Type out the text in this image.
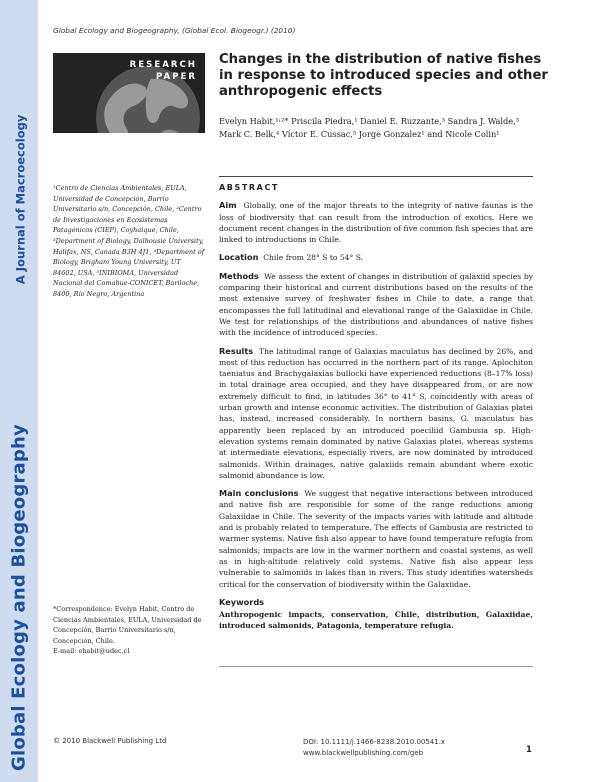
Global Ecology and Biogeography
A Journal of Macroecology
Global Ecology and Biogeography, (Global Ecol. Biogeogr.) (2010)
RESEARCH
PAPER
Changes in the distribution of native fishes in response to introduced species and other anthropogenic effects
Evelyn Habit,¹˒²* Priscila Piedra,¹ Daniel E. Ruzzante,³ Sandra J. Walde,³
Mark C. Belk,⁴ Víctor E. Cussac,⁵ Jorge Gonzalez¹ and Nicole Colin¹
¹Centro de Ciencias Ambientales, EULA, Universidad de Concepción, Barrio Universitario s/n, Concepción, Chile, ²Centro de Investigaciones en Ecosistemas Patagónicos (CIEP), Coyhaique, Chile, ³Department of Biology, Dalhousie University, Halifax, NS, Canada B3H 4J1, ⁴Department of Biology, Brigham Young University, UT 84602, USA, ⁵INIBIOMA, Universidad Nacional del Comahue-CONICET, Bariloche, 8400, Río Negro, Argentina
*Correspondence: Evelyn Habit, Centro de Ciencias Ambientales, EULA, Universidad de Concepción, Barrio Universitario s/n, Concepción, Chile.
E-mail: ehabit@udec.cl
ABSTRACT

Aim Globally, one of the major threats to the integrity of native faunas is the loss of biodiversity that can result from the introduction of exotics. Here we document recent changes in the distribution of five common fish species that are linked to introductions in Chile.

Location Chile from 28° S to 54° S.

Methods We assess the extent of changes in distribution of galaxiid species by comparing their historical and current distributions based on the results of the most extensive survey of freshwater fishes in Chile to date, a range that encompasses the full latitudinal and elevational range of the Galaxiidae in Chile. We test for relationships of the distributions and abundances of native fishes with the incidence of introduced species.

Results The latitudinal range of Galaxias maculatus has declined by 26%, and most of this reduction has occurred in the northern part of its range. Aplochiton taeniatus and Brachygalaxias bullocki have experienced reductions (8–17% loss) in total drainage area occupied, and they have disappeared from, or are now extremely difficult to find, in latitudes 36° to 41° S, coincidently with areas of urban growth and intense economic activities. The distribution of Galaxias platei has, instead, increased considerably. In northern basins, G. maculatus has apparently been replaced by an introduced poeciliid Gambusia sp. High-elevation systems remain dominated by native Galaxias platei, whereas systems at intermediate elevations, especially rivers, are now dominated by introduced salmonids. Within drainages, native galaxiids remain abundant where exotic salmonid abundance is low.

Main conclusions We suggest that negative interactions between introduced and native fish are responsible for some of the range reductions among Galaxiidae in Chile. The severity of the impacts varies with latitude and altitude and is probably related to temperature. The effects of Gambusia are restricted to warmer systems. Native fish also appear to have found temperature refugia from salmonids; impacts are low in the warmer northern and coastal systems, as well as in high-altitude relatively cold systems. Native fish also appear less vulnerable to salmonids in lakes than in rivers. This study identifies watersheds critical for the conservation of biodiversity within the Galaxiidae.

Keywords
Anthropogenic impacts, conservation, Chile, distribution, Galaxiidae, introduced salmonids, Patagonia, temperature refugia.
© 2010 Blackwell Publishing Ltd	DOI: 10.1111/j.1466-8238.2010.00541.x
www.blackwellpublishing.com/geb	1
